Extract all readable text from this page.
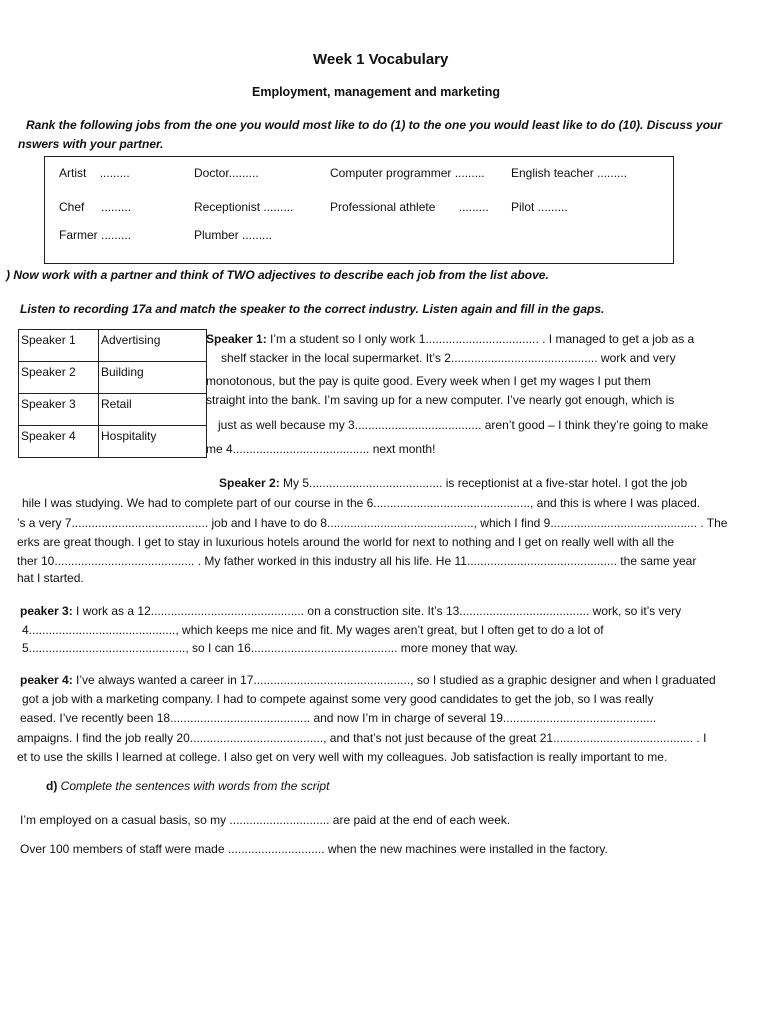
Week 1 Vocabulary
Employment, management and marketing
Rank the following jobs from the one you would most like to do (1) to the one you would least like to do (10). Discuss your
nswers with your partner.
Artist .........	Doctor.........	Computer programmer ......... English teacher .........
Chef .........	Receptionist .........	Professional athlete ......... Pilot .........
Farmer .........	Plumber .........
) Now work with a partner and think of TWO adjectives to describe each job from the list above.
Listen to recording 17a and match the speaker to the correct industry. Listen again and fill in the gaps.
Speaker 1	Advertising
Speaker 2	Building
Speaker 3	Retail
Speaker 4	Hospitality
Speaker 1: I’m a student so I only work 1.................................. . I managed to get a job as a
shelf stacker in the local supermarket. It’s 2............................................ work and very
monotonous, but the pay is quite good. Every week when I get my wages I put them
straight into the bank. I’m saving up for a new computer. I’ve nearly got enough, which is
just as well because my 3...................................... aren’t good – I think they’re going to make
me 4......................................... next month!
Speaker 2: My 5........................................ is receptionist at a five-star hotel. I got the job
hile I was studying. We had to complete part of our course in the 6..............................................., and this is where I was placed.
’s a very 7......................................... job and I have to do 8............................................, which I find 9............................................ . The
erks are great though. I get to stay in luxurious hotels around the world for next to nothing and I get on really well with all the
ther 10.......................................... . My father worked in this industry all his life. He 11............................................. the same year
hat I started.
peaker 3: I work as a 12.............................................. on a construction site. It’s 13....................................... work, so it’s very
4............................................, which keeps me nice and fit. My wages aren’t great, but I often get to do a lot of
5..............................................., so I can 16............................................ more money that way.
peaker 4: I’ve always wanted a career in 17..............................................., so I studied as a graphic designer and when I graduated
got a job with a marketing company. I had to compete against some very good candidates to get the job, so I was really
eased. I’ve recently been 18.......................................... and now I’m in charge of several 19..............................................
ampaigns. I find the job really 20........................................, and that’s not just because of the great 21.......................................... . I
et to use the skills I learned at college. I also get on very well with my colleagues. Job satisfaction is really important to me.
d) Complete the sentences with words from the script
I’m employed on a casual basis, so my .............................. are paid at the end of each week.
Over 100 members of staff were made ............................. when the new machines were installed in the factory.
